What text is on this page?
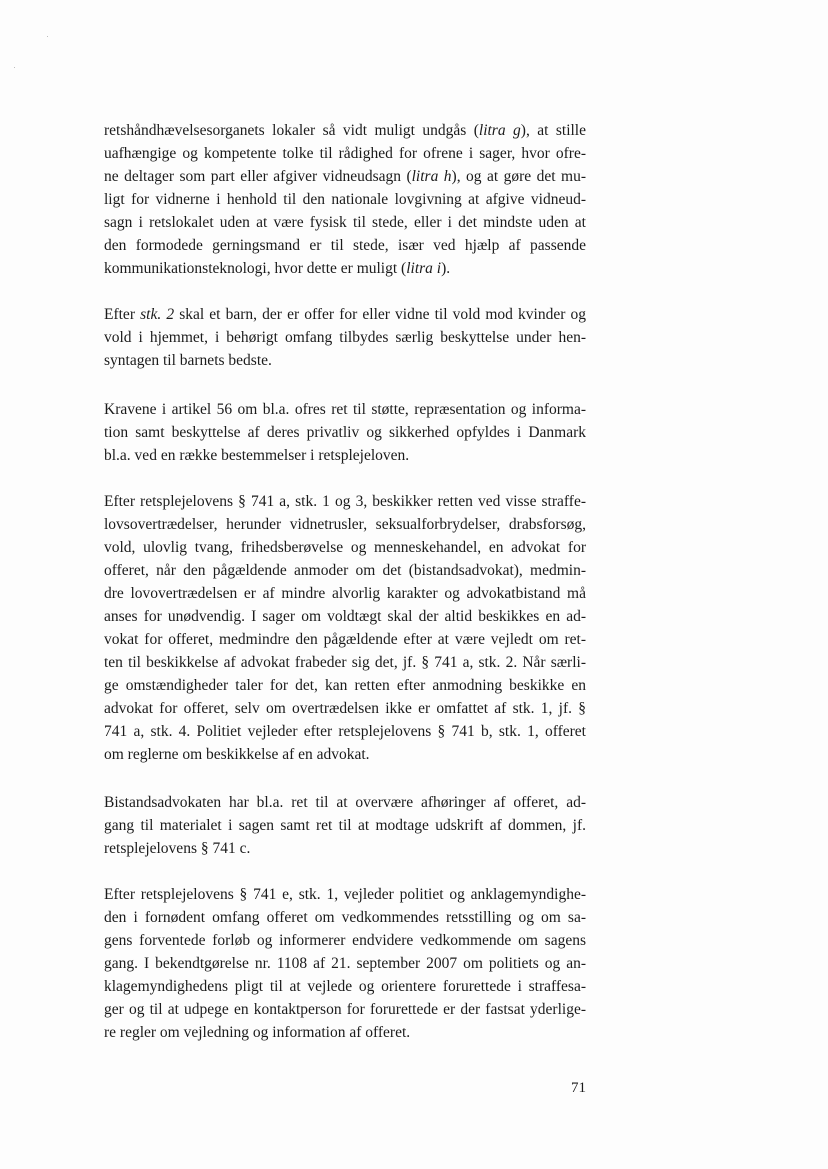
retshåndhævelsesorganets lokaler så vidt muligt undgås (litra g), at stille
uafhængige og kompetente tolke til rådighed for ofrene i sager, hvor ofre-
ne deltager som part eller afgiver vidneudsagn (litra h), og at gøre det mu-
ligt for vidnerne i henhold til den nationale lovgivning at afgive vidneud-
sagn i retslokalet uden at være fysisk til stede, eller i det mindste uden at
den formodede gerningsmand er til stede, især ved hjælp af passende
kommunikationsteknologi, hvor dette er muligt (litra i).

Efter stk. 2 skal et barn, der er offer for eller vidne til vold mod kvinder og
vold i hjemmet, i behørigt omfang tilbydes særlig beskyttelse under hen-
syntagen til barnets bedste.

Kravene i artikel 56 om bl.a. ofres ret til støtte, repræsentation og informa-
tion samt beskyttelse af deres privatliv og sikkerhed opfyldes i Danmark
bl.a. ved en række bestemmelser i retsplejeloven.

Efter retsplejelovens § 741 a, stk. 1 og 3, beskikker retten ved visse straffe-
lovsovertrædelser, herunder vidnetrusler, seksualforbrydelser, drabsforsøg,
vold, ulovlig tvang, frihedsberøvelse og menneskehandel, en advokat for
offeret, når den pågældende anmoder om det (bistandsadvokat), medmin-
dre lovovertrædelsen er af mindre alvorlig karakter og advokatbistand må
anses for unødvendig. I sager om voldtægt skal der altid beskikkes en ad-
vokat for offeret, medmindre den pågældende efter at være vejledt om ret-
ten til beskikkelse af advokat frabeder sig det, jf. § 741 a, stk. 2. Når særli-
ge omstændigheder taler for det, kan retten efter anmodning beskikke en
advokat for offeret, selv om overtrædelsen ikke er omfattet af stk. 1, jf. §
741 a, stk. 4. Politiet vejleder efter retsplejelovens § 741 b, stk. 1, offeret
om reglerne om beskikkelse af en advokat.

Bistandsadvokaten har bl.a. ret til at overvære afhøringer af offeret, ad-
gang til materialet i sagen samt ret til at modtage udskrift af dommen, jf.
retsplejelovens § 741 c.

Efter retsplejelovens § 741 e, stk. 1, vejleder politiet og anklagemyndighe-
den i fornødent omfang offeret om vedkommendes retsstilling og om sa-
gens forventede forløb og informerer endvidere vedkommende om sagens
gang. I bekendtgørelse nr. 1108 af 21. september 2007 om politiets og an-
klagemyndighedens pligt til at vejlede og orientere forurettede i straffesa-
ger og til at udpege en kontaktperson for forurettede er der fastsat yderlige-
re regler om vejledning og information af offeret.

71
